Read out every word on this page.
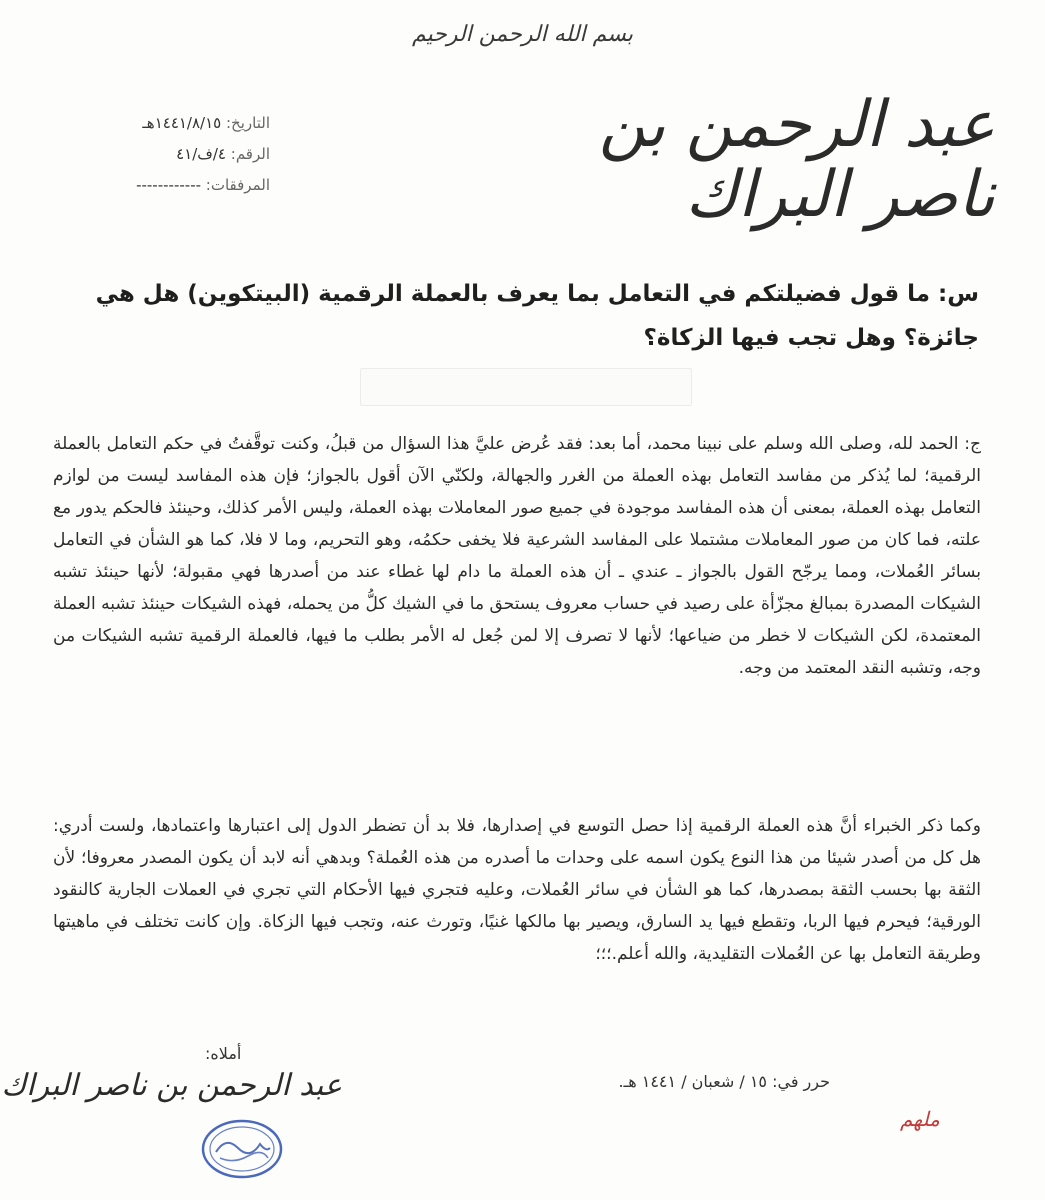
بسم الله الرحمن الرحيم
عبد الرحمن بن ناصر البراك
التاريخ: ١٤٤١/٨/١٥هـ
الرقم: ٤/ف/٤١
المرفقات: ------------
س: ما قول فضيلتكم في التعامل بما يعرف بالعملة الرقمية (البيتكوين) هل هي جائزة؟ وهل تجب فيها الزكاة؟
ج: الحمد لله، وصلى الله وسلم على نبينا محمد، أما بعد: فقد عُرض عليَّ هذا السؤال من قبلُ، وكنت توقَّفتُ في حكم التعامل بالعملة الرقمية؛ لما يُذكر من مفاسد التعامل بهذه العملة من الغرر والجهالة، ولكنّي الآن أقول بالجواز؛ فإن هذه المفاسد ليست من لوازم التعامل بهذه العملة، بمعنى أن هذه المفاسد موجودة في جميع صور المعاملات بهذه العملة، وليس الأمر كذلك، وحينئذ فالحكم يدور مع علته، فما كان من صور المعاملات مشتملا على المفاسد الشرعية فلا يخفى حكمُه، وهو التحريم، وما لا فلا، كما هو الشأن في التعامل بسائر العُملات، ومما يرجّح القول بالجواز ـ عندي ـ أن هذه العملة ما دام لها غطاء عند من أصدرها فهي مقبولة؛ لأنها حينئذ تشبه الشيكات المصدرة بمبالغ مجزّأة على رصيد في حساب معروف يستحق ما في الشيك كلُّ من يحمله، فهذه الشيكات حينئذ تشبه العملة المعتمدة، لكن الشيكات لا خطر من ضياعها؛ لأنها لا تصرف إلا لمن جُعل له الأمر بطلب ما فيها، فالعملة الرقمية تشبه الشيكات من وجه، وتشبه النقد المعتمد من وجه.
وكما ذكر الخبراء أنَّ هذه العملة الرقمية إذا حصل التوسع في إصدارها، فلا بد أن تضطر الدول إلى اعتبارها واعتمادها، ولست أدري: هل كل من أصدر شيئا من هذا النوع يكون اسمه على وحدات ما أصدره من هذه العُملة؟ وبدهي أنه لابد أن يكون المصدر معروفا؛ لأن الثقة بها بحسب الثقة بمصدرها، كما هو الشأن في سائر العُملات، وعليه فتجري فيها الأحكام التي تجري في العملات الجارية كالنقود الورقية؛ فيحرم فيها الربا، وتقطع فيها يد السارق، ويصير بها مالكها غنيًا، وتورث عنه، وتجب فيها الزكاة. وإن كانت تختلف في ماهيتها وطريقة التعامل بها عن العُملات التقليدية، والله أعلم.؛؛؛
أملاه:
حرر في: ١٥ / شعبان / ١٤٤١ هـ.
عبد الرحمن بن ناصر البراك
ملهم
